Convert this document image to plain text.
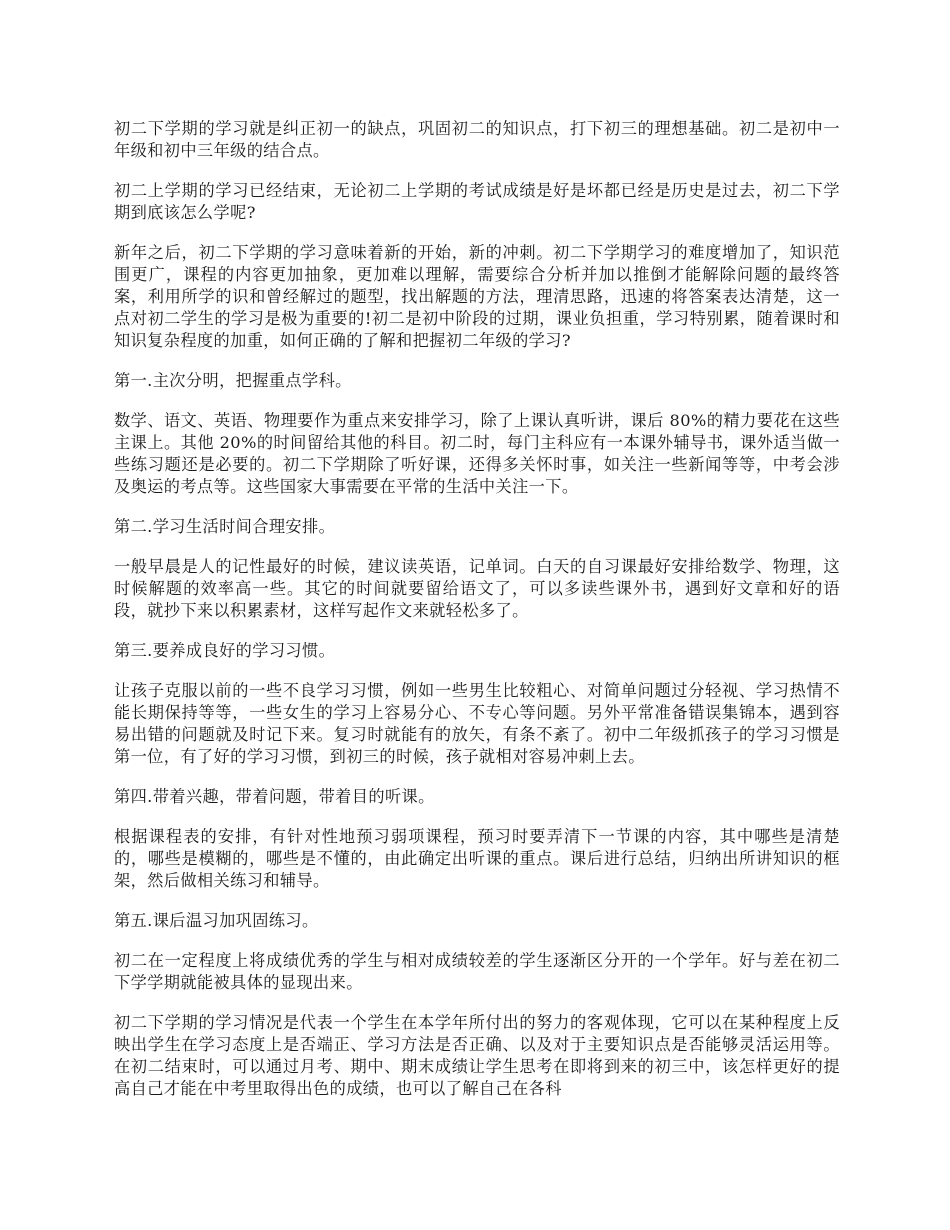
初二下学期的学习就是纠正初一的缺点，巩固初二的知识点，打下初三的理想基础。初二是初中一年级和初中三年级的结合点。

初二上学期的学习已经结束，无论初二上学期的考试成绩是好是坏都已经是历史是过去，初二下学期到底该怎么学呢?

新年之后，初二下学期的学习意味着新的开始，新的冲刺。初二下学期学习的难度增加了，知识范围更广，课程的内容更加抽象，更加难以理解，需要综合分析并加以推倒才能解除问题的最终答案，利用所学的识和曾经解过的题型，找出解题的方法，理清思路，迅速的将答案表达清楚，这一点对初二学生的学习是极为重要的!初二是初中阶段的过期，课业负担重，学习特别累，随着课时和知识复杂程度的加重，如何正确的了解和把握初二年级的学习?

第一.主次分明，把握重点学科。

数学、语文、英语、物理要作为重点来安排学习，除了上课认真听讲，课后 80%的精力要花在这些主课上。其他 20%的时间留给其他的科目。初二时，每门主科应有一本课外辅导书，课外适当做一些练习题还是必要的。初二下学期除了听好课，还得多关怀时事，如关注一些新闻等等，中考会涉及奥运的考点等。这些国家大事需要在平常的生活中关注一下。

第二.学习生活时间合理安排。

一般早晨是人的记性最好的时候，建议读英语，记单词。白天的自习课最好安排给数学、物理，这时候解题的效率高一些。其它的时间就要留给语文了，可以多读些课外书，遇到好文章和好的语段，就抄下来以积累素材，这样写起作文来就轻松多了。

第三.要养成良好的学习习惯。

让孩子克服以前的一些不良学习习惯，例如一些男生比较粗心、对简单问题过分轻视、学习热情不能长期保持等等，一些女生的学习上容易分心、不专心等问题。另外平常准备错误集锦本，遇到容易出错的问题就及时记下来。复习时就能有的放矢，有条不紊了。初中二年级抓孩子的学习习惯是第一位，有了好的学习习惯，到初三的时候，孩子就相对容易冲刺上去。

第四.带着兴趣，带着问题，带着目的听课。

根据课程表的安排，有针对性地预习弱项课程，预习时要弄清下一节课的内容，其中哪些是清楚的，哪些是模糊的，哪些是不懂的，由此确定出听课的重点。课后进行总结，归纳出所讲知识的框架，然后做相关练习和辅导。

第五.课后温习加巩固练习。

初二在一定程度上将成绩优秀的学生与相对成绩较差的学生逐渐区分开的一个学年。好与差在初二下学学期就能被具体的显现出来。

初二下学期的学习情况是代表一个学生在本学年所付出的努力的客观体现，它可以在某种程度上反映出学生在学习态度上是否端正、学习方法是否正确、以及对于主要知识点是否能够灵活运用等。在初二结束时，可以通过月考、期中、期末成绩让学生思考在即将到来的初三中，该怎样更好的提高自己才能在中考里取得出色的成绩，也可以了解自己在各科
